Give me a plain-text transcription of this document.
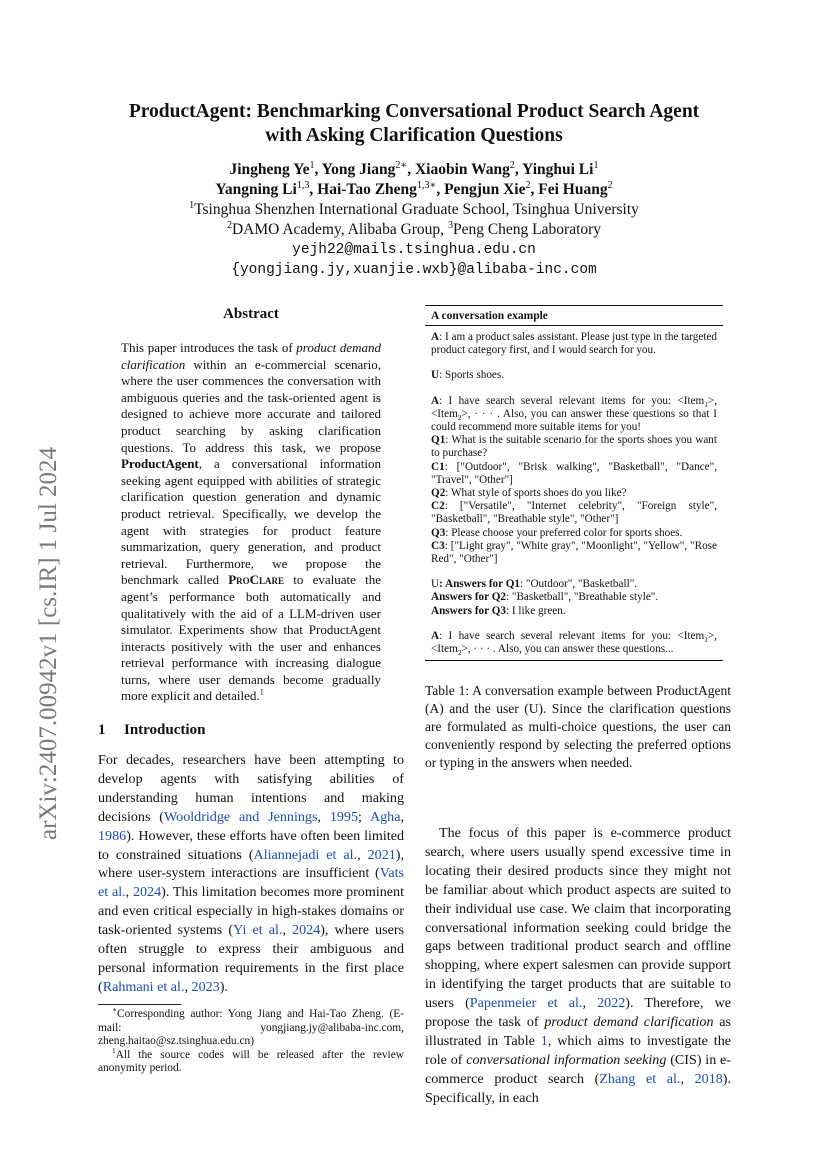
ProductAgent: Benchmarking Conversational Product Search Agent
with Asking Clarification Questions
Jingheng Ye$^1$, Yong Jiang$^{2∗}$, Xiaobin Wang$^2$, Yinghui Li$^1$
Yangning Li$^{1,3}$, Hai-Tao Zheng$^{1,3∗}$, Pengjun Xie$^2$, Fei Huang$^2$
$^1$Tsinghua Shenzhen International Graduate School, Tsinghua University
$^2$DAMO Academy, Alibaba Group, $^3$Peng Cheng Laboratory
yejh22@mails.tsinghua.edu.cn
{yongjiang.jy,xuanjie.wxb}@alibaba-inc.com
arXiv:2407.00942v1 [cs.IR] 1 Jul 2024
Abstract
This paper introduces the task of product demand clarification within an e-commercial scenario, where the user commences the conversation with ambiguous queries and the task-oriented agent is designed to achieve more accurate and tailored product searching by asking clarification questions. To address this task, we propose ProductAgent, a conversational information seeking agent equipped with abilities of strategic clarification question generation and dynamic product retrieval. Specifically, we develop the agent with strategies for product feature summarization, query generation, and product retrieval. Furthermore, we propose the benchmark called ProClare to evaluate the agent’s performance both automatically and qualitatively with the aid of a LLM-driven user simulator. Experiments show that ProductAgent interacts positively with the user and enhances retrieval performance with increasing dialogue turns, where user demands become gradually more explicit and detailed.$^1$
1 Introduction
For decades, researchers have been attempting to develop agents with satisfying abilities of understanding human intentions and making decisions (Wooldridge and Jennings, 1995; Agha, 1986). However, these efforts have often been limited to constrained situations (Aliannejadi et al., 2021), where user-system interactions are insufficient (Vats et al., 2024). This limitation becomes more prominent and even critical especially in high-stakes domains or task-oriented systems (Yi et al., 2024), where users often struggle to express their ambiguous and personal information requirements in the first place (Rahmani et al., 2023).
∗Corresponding author: Yong Jiang and Hai-Tao Zheng. (E-mail: yongjiang.jy@alibaba-inc.com, zheng.haitao@sz.tsinghua.edu.cn)
$^1$All the source codes will be released after the review anonymity period.
A conversation example

A: I am a product sales assistant. Please just type in the targeted product category first, and I would search for you.

U: Sports shoes.

A: I have search several relevant items for you: <Item$_1$>, <Item$_2$>, · · · . Also, you can answer these questions so that I could recommend more suitable items for you!
Q1: What is the suitable scenario for the sports shoes you want to purchase?
C1: ["Outdoor", "Brisk walking", "Basketball", "Dance", "Travel", "Other"]
Q2: What style of sports shoes do you like?
C2: ["Versatile", "Internet celebrity", "Foreign style", "Basketball", "Breathable style", "Other"]
Q3: Please choose your preferred color for sports shoes.
C3: ["Light gray", "White gray", "Moonlight", "Yellow", "Rose Red", "Other"]

U: Answers for Q1: "Outdoor", "Basketball".
Answers for Q2: "Basketball", "Breathable style".
Answers for Q3: I like green.

A: I have search several relevant items for you: <Item$_1$>, <Item$_2$>, · · · . Also, you can answer these questions...

Table 1: A conversation example between ProductAgent (A) and the user (U). Since the clarification questions are formulated as multi-choice questions, the user can conveniently respond by selecting the preferred options or typing in the answers when needed.
The focus of this paper is e-commerce product search, where users usually spend excessive time in locating their desired products since they might not be familiar about which product aspects are suited to their individual use case. We claim that incorporating conversational information seeking could bridge the gaps between traditional product search and offline shopping, where expert salesmen can provide support in identifying the target products that are suitable to users (Papenmeier et al., 2022). Therefore, we propose the task of product demand clarification as illustrated in Table 1, which aims to investigate the role of conversational information seeking (CIS) in e-commerce product search (Zhang et al., 2018). Specifically, in each
